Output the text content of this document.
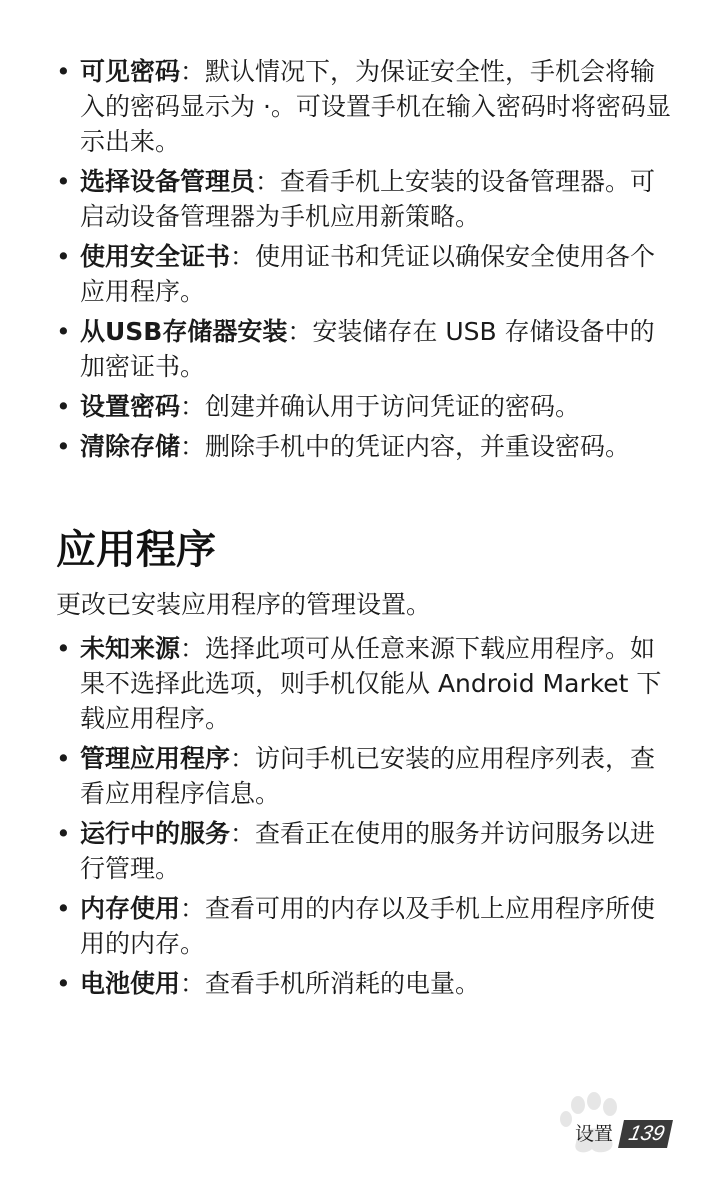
• 可见密码：默认情况下，为保证安全性，手机会将输入的密码显示为 ·。可设置手机在输入密码时将密码显示出来。
• 选择设备管理员：查看手机上安装的设备管理器。可启动设备管理器为手机应用新策略。
• 使用安全证书：使用证书和凭证以确保安全使用各个应用程序。
• 从USB存储器安装：安装储存在 USB 存储设备中的加密证书。
• 设置密码：创建并确认用于访问凭证的密码。
• 清除存储：删除手机中的凭证内容，并重设密码。
应用程序

更改已安装应用程序的管理设置。

• 未知来源：选择此项可从任意来源下载应用程序。如果不选择此选项，则手机仅能从 Android Market 下载应用程序。
• 管理应用程序：访问手机已安装的应用程序列表，查看应用程序信息。
• 运行中的服务：查看正在使用的服务并访问服务以进行管理。
• 内存使用：查看可用的内存以及手机上应用程序所使用的内存。
• 电池使用：查看手机所消耗的电量。
设置 139
